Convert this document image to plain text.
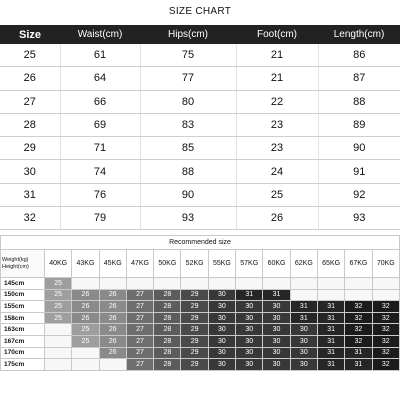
SIZE CHART
Size	Waist(cm)	Hips(cm)	Foot(cm)	Length(cm)
25	61	75	21	86
26	64	77	21	87
27	66	80	22	88
28	69	83	23	89
29	71	85	23	90
30	74	88	24	91
31	76	90	25	92
32	79	93	26	93
Recommended size													
Weight(kg)
Height(cm)	40KG	43KG	45KG	47KG	50KG	52KG	55KG	57KG	60KG	62KG	65KG	67KG	70KG
145cm	25												
150cm	25	26	26	27	28	29	30	31	31				
155cm	25	26	26	27	28	29	30	30	30	31	31	32	32
158cm	25	26	26	27	28	29	30	30	30	31	31	32	32
163cm		25	26	27	28	29	30	30	30	30	31	32	32
167cm		25	26	27	28	29	30	30	30	30	31	32	32
170cm			26	27	28	29	30	30	30	30	31	31	32
175cm				27	28	29	30	30	30	30	31	31	32
